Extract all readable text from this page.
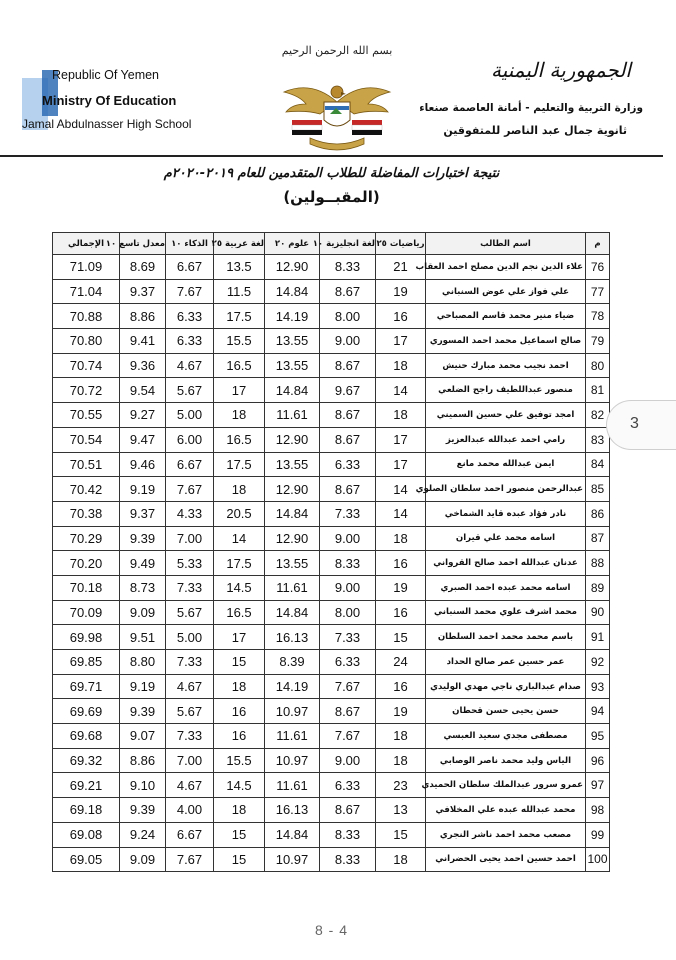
Republic Of Yemen
Ministry Of Education
Jamal Abdulnasser High School
بسم الله الرحمن الرحيم
الجمهورية اليمنية
وزارة التربية والتعليم - أمانة العاصمة صنعاء
ثانوية جمال عبد الناصر للمتفوقين
نتيجة اختبارات المفاضلة للطلاب المتقدمين للعام ٢٠١٩-٢٠٢٠م
(المقبــولين)
م	اسم الطالب	رياضيات ٢٥	لغة انجليزية ١٠	علوم ٢٠	لغة عربية ٢٥	الذكاء ١٠	معدل تاسع ١٠	الإجمالي
76	علاء الدين نجم الدين مصلح احمد العقاب	21	8.33	12.90	13.5	6.67	8.69	71.09
77	علي فواز علي عوض السنباني	19	8.67	14.84	11.5	7.67	9.37	71.04
78	ضياء منير محمد قاسم المصباحي	16	8.00	14.19	17.5	6.33	8.86	70.88
79	صالح اسماعيل محمد احمد المسوري	17	9.00	13.55	15.5	6.33	9.41	70.80
80	احمد نجيب محمد مبارك حنيش	18	8.67	13.55	16.5	4.67	9.36	70.74
81	منصور عبداللطيف راجح الضلعي	14	9.67	14.84	17	5.67	9.54	70.72
82	امجد توفيق علي حسين السميني	18	8.67	11.61	18	5.00	9.27	70.55
83	رامي احمد عبدالله عبدالعزيز	17	8.67	12.90	16.5	6.00	9.47	70.54
84	ايمن عبدالله محمد مانع	17	6.33	13.55	17.5	6.67	9.46	70.51
85	عبدالرحمن منصور احمد سلطان الصلوي	14	8.67	12.90	18	7.67	9.19	70.42
86	نادر فؤاد عبده قايد الشماخي	14	7.33	14.84	20.5	4.33	9.37	70.38
87	اسامه محمد علي قيران	18	9.00	12.90	14	7.00	9.39	70.29
88	عدنان عبدالله احمد صالح القرواني	16	8.33	13.55	17.5	5.33	9.49	70.20
89	اسامه محمد عبده احمد الصبري	19	9.00	11.61	14.5	7.33	8.73	70.18
90	محمد اشرف علوي محمد السنباني	16	8.00	14.84	16.5	5.67	9.09	70.09
91	باسم محمد محمد احمد السلطان	15	7.33	16.13	17	5.00	9.51	69.98
92	عمر حسين عمر صالح الحداد	24	6.33	8.39	15	7.33	8.80	69.85
93	صدام عبدالباري ناجي مهدي الوليدي	16	7.67	14.19	18	4.67	9.19	69.71
94	حسن يحيى حسن قحطان	19	8.67	10.97	16	5.67	9.39	69.69
95	مصطفى مجدي سعيد العبسي	18	7.67	11.61	16	7.33	9.07	69.68
96	الياس وليد محمد ناصر الوصابي	18	9.00	10.97	15.5	7.00	8.86	69.32
97	عمرو سرور عبدالملك سلطان الحميدي	23	6.33	11.61	14.5	4.67	9.10	69.21
98	محمد عبدالله عبده علي المخلافي	13	8.67	16.13	18	4.00	9.39	69.18
99	مصعب محمد احمد ناشر النجري	15	8.33	14.84	15	6.67	9.24	69.08
100	احمد حسين احمد يحيى الحضراني	18	8.33	10.97	15	7.67	9.09	69.05
3
8 - 4
